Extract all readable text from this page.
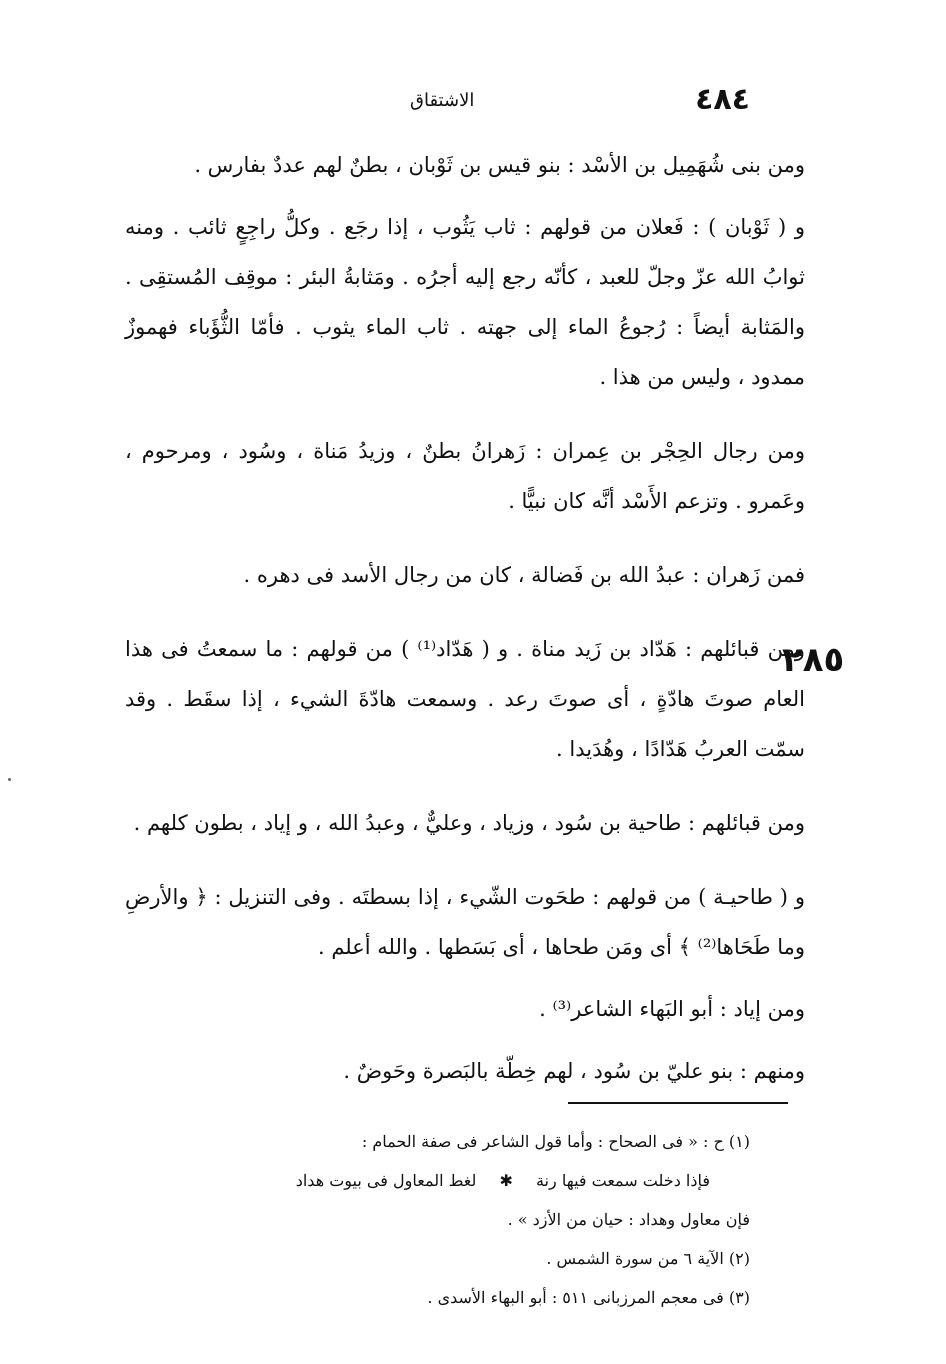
الاشتقاق	٤٨٤
٢٨٥

ومن بنى شُهَمِيل بن الأسْد : بنو قيس بن ثَوْبان ، بطنٌ لهم عددٌ بفارس .

و ( ثَوْبان ) : فَعلان من قولهم : ثاب يَثُوب ، إذا رجَع . وكلُّ راجِعٍ ثائب . ومنه ثوابُ الله عزّ وجلّ للعبد ، كأنّه رجع إليه أجرُه . ومَثابةُ البئر : موقِف المُستقِى . والمَثابة أيضاً : رُجوعُ الماء إلى جهته . ثاب الماء يثوب . فأمّا الثُّؤَباء فهموزٌ ممدود ، وليس من هذا .

ومن رجال الحِجْر بن عِمران : زَهرانُ بطنٌ ، وزيدُ مَناة ، وسُود ، ومرحوم ، وعَمرو . وتزعم الأَسْد أنَّه كان نبيًّا .

فمن زَهران : عبدُ الله بن فَضالة ، كان من رجال الأسد فى دهره .

ومن قبائلهم : هَدّاد بن زَيد مناة . و ( هَدّاد⁽¹⁾ ) من قولهم : ما سمعتُ فى هذا العام صوتَ هادّةٍ ، أى صوتَ رعد . وسمعت هادّةَ الشيء ، إذا سقَط . وقد سمّت العربُ هَدّادًا ، وهُدَيدا .

ومن قبائلهم : طاحية بن سُود ، وزياد ، وعليٌّ ، وعبدُ الله ، و إياد ، بطون كلهم .

و ( طاحيـة ) من قولهم : طحَوت الشّيء ، إذا بسطتَه . وفى التنزيل : ﴿ والأرضِ وما طَحَاها⁽²⁾ ﴾ أى ومَن طحاها ، أى بَسَطها . والله أعلم .

ومن إياد : أبو البَهاء الشاعر⁽³⁾ .

ومنهم : بنو عليّ بن سُود ، لهم خِطّة بالبَصرة وحَوضٌ .

(١) ح : « فى الصحاح : وأما قول الشاعر فى صفة الحمام :
فإذا دخلت سمعت فيها رنة ✱ لغط المعاول فى بيوت هداد
فإن معاول وهداد : حيان من الأزد » .
(٢) الآية ٦ من سورة الشمس .
(٣) فى معجم المرزبانى ٥١١ : أبو البهاء الأسدى .
